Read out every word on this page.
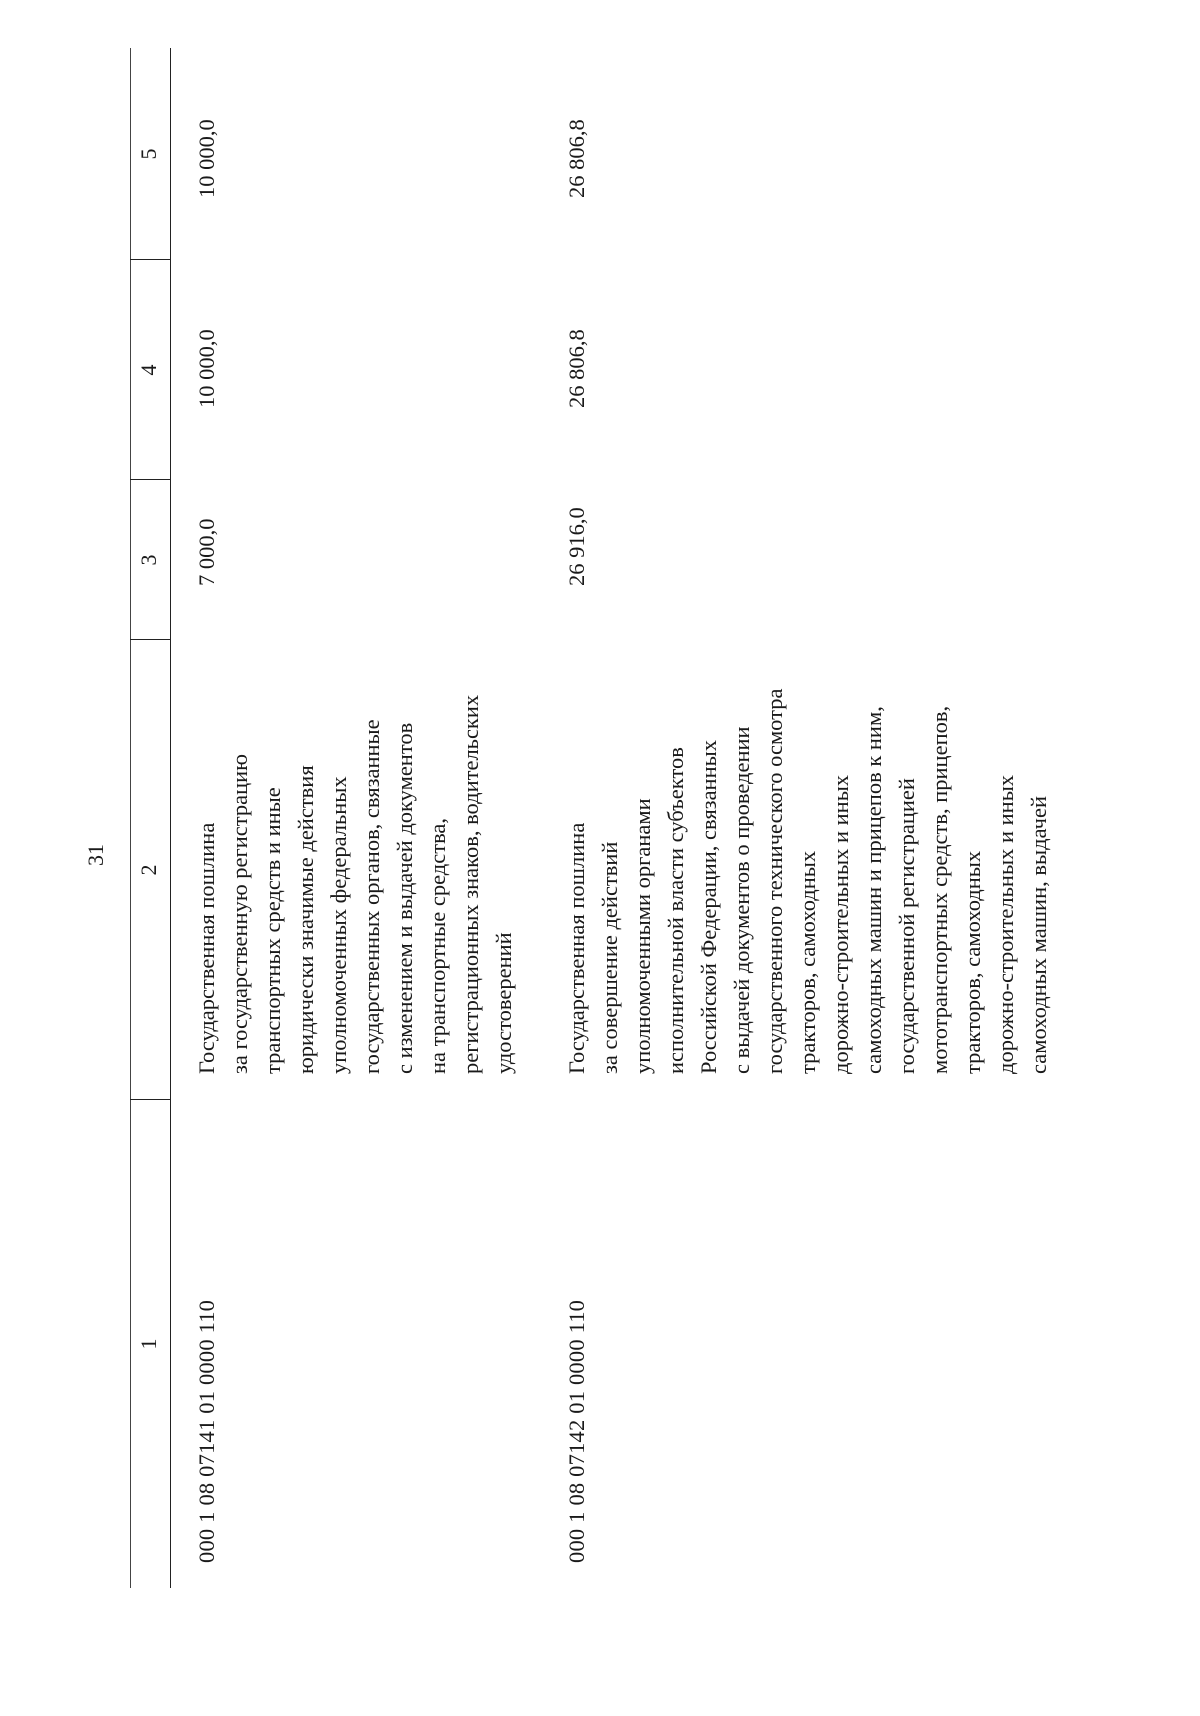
31
1
2
3
4
5
000 1 08 07141 01 0000 110
Государственная пошлина за государственную регистрацию транспортных средств и иные юридически значимые действия уполномоченных федеральных государственных органов, связанные с изменением и выдачей документов на транспортные средства, регистрационных знаков, водительских удостоверений
7 000,0
10 000,0
10 000,0
000 1 08 07142 01 0000 110
Государственная пошлина за совершение действий уполномоченными органами исполнительной власти субъектов Российской Федерации, связанных с выдачей документов о проведении государственного технического осмотра тракторов, самоходных дорожно-строительных и иных самоходных машин и прицепов к ним, государственной регистрацией мототранспортных средств, прицепов, тракторов, самоходных дорожно-строительных и иных самоходных машин, выдачей
26 916,0
26 806,8
26 806,8
